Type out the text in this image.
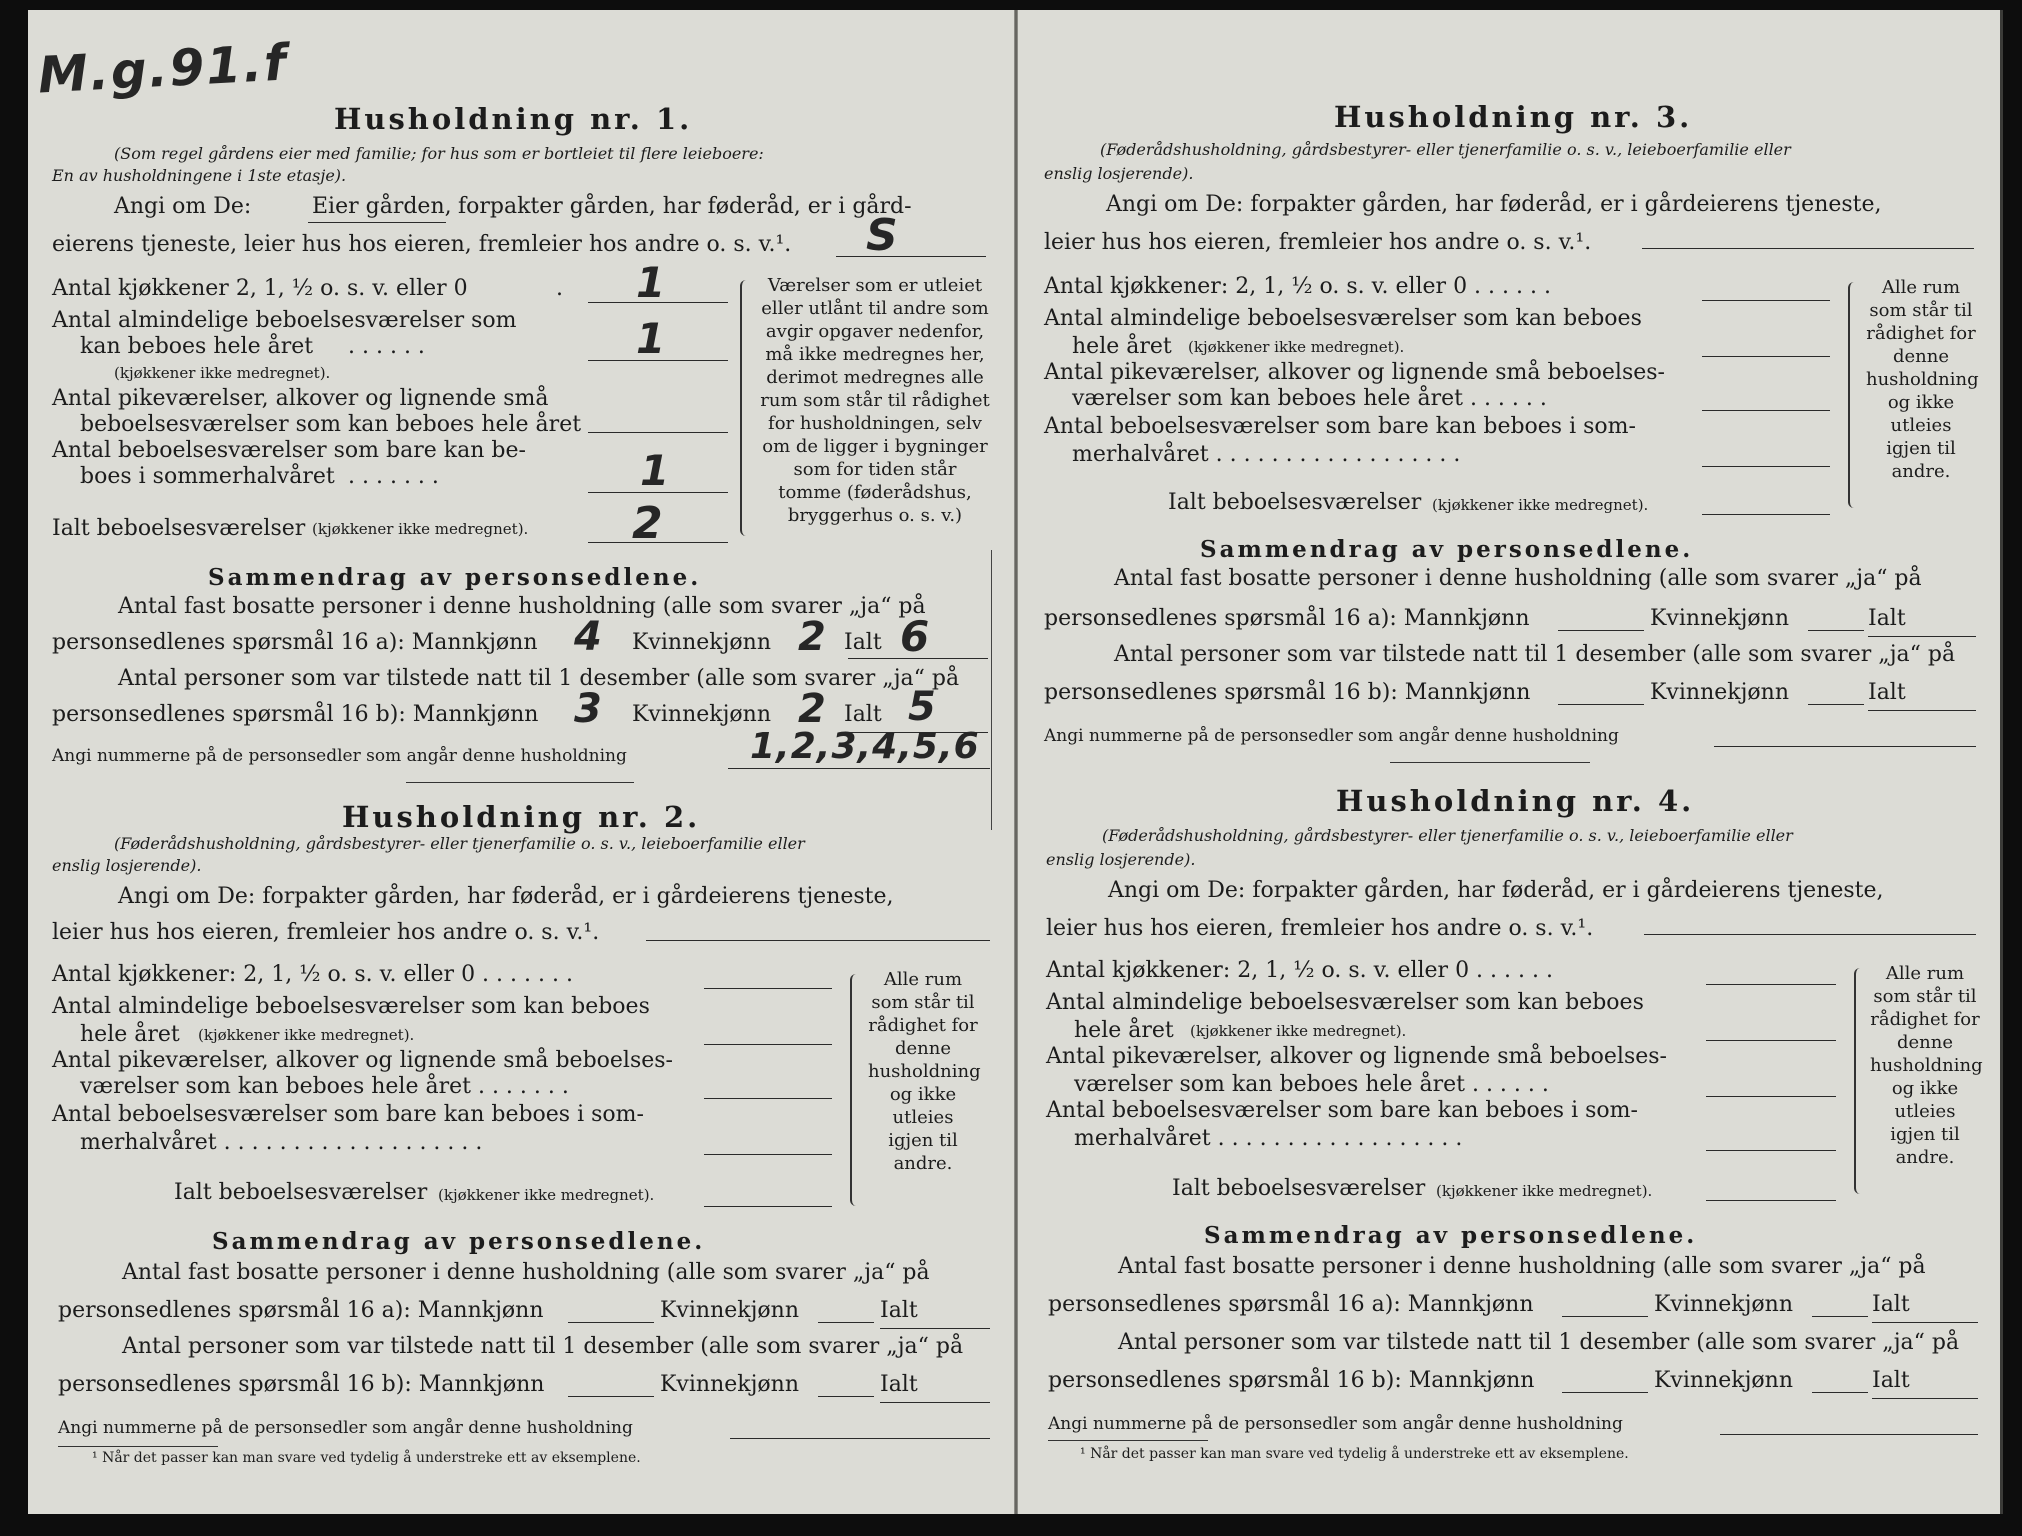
M.g.91.f
Husholdning nr. 1.
(Som regel gårdens eier med familie; for hus som er bortleiet til flere leieboere:
En av husholdningene i 1ste etasje).
Angi om De:	Eier gården, forpakter gården, har føderåd, er i gård-
eierens tjeneste, leier hus hos eieren, fremleier hos andre o. s. v.¹. S
Antal kjøkkener 2, 1, ½ o. s. v. eller 0	. 1
Antal almindelige beboelsesværelser som
kan beboes hele året . . . . . .	1
(kjøkkener ikke medregnet).
Antal pikeværelser, alkover og lignende små
beboelsesværelser som kan beboes hele året
Antal beboelsesværelser som bare kan be-
boes i sommerhalvåret . . . . . . .	1
Ialt beboelsesværelser (kjøkkener ikke medregnet). 2
Værelser som er utleiet eller utlånt til andre som avgir opgaver nedenfor, må ikke medregnes her, derimot medregnes alle rum som står til rådighet for husholdningen, selv om de ligger i bygninger som for tiden står tomme (føderådshus, bryggerhus o. s. v.)
Sammendrag av personsedlene.
Antal fast bosatte personer i denne husholdning (alle som svarer „ja“ på
personsedlenes spørsmål 16 a): Mannkjønn 4 Kvinnekjønn 2 Ialt 6
Antal personer som var tilstede natt til 1 desember (alle som svarer „ja“ på
personsedlenes spørsmål 16 b): Mannkjønn 3 Kvinnekjønn 2 Ialt 5
Angi nummerne på de personsedler som angår denne husholdning	1,2,3,4,5,6
Husholdning nr. 2.
(Føderådshusholdning, gårdsbestyrer- eller tjenerfamilie o. s. v., leieboerfamilie eller
enslig losjerende).
Angi om De: forpakter gården, har føderåd, er i gårdeierens tjeneste,
leier hus hos eieren, fremleier hos andre o. s. v.¹.
Antal kjøkkener: 2, 1, ½ o. s. v. eller 0 . . . . . . .
Antal almindelige beboelsesværelser som kan beboes
hele året (kjøkkener ikke medregnet).
Antal pikeværelser, alkover og lignende små beboelses-
værelser som kan beboes hele året . . . . . . .
Antal beboelsesværelser som bare kan beboes i som-
merhalvåret . . . . . . . . . . . . . . . . . . .
Ialt beboelsesværelser (kjøkkener ikke medregnet).
Alle rum som står til rådighet for denne husholdning og ikke utleies igjen til andre.
Sammendrag av personsedlene.
Antal fast bosatte personer i denne husholdning (alle som svarer „ja“ på
personsedlenes spørsmål 16 a): Mannkjønn	Kvinnekjønn	Ialt
Antal personer som var tilstede natt til 1 desember (alle som svarer „ja“ på
personsedlenes spørsmål 16 b): Mannkjønn	Kvinnekjønn	Ialt
Angi nummerne på de personsedler som angår denne husholdning
¹ Når det passer kan man svare ved tydelig å understreke ett av eksemplene.
Husholdning nr. 3.
(Føderådshusholdning, gårdsbestyrer- eller tjenerfamilie o. s. v., leieboerfamilie eller
enslig losjerende).
Angi om De: forpakter gården, har føderåd, er i gårdeierens tjeneste,
leier hus hos eieren, fremleier hos andre o. s. v.¹.
Antal kjøkkener: 2, 1, ½ o. s. v. eller 0 . . . . . .
Antal almindelige beboelsesværelser som kan beboes
hele året (kjøkkener ikke medregnet).
Antal pikeværelser, alkover og lignende små beboelses-
værelser som kan beboes hele året . . . . . .
Antal beboelsesværelser som bare kan beboes i som-
merhalvåret . . . . . . . . . . . . . . . . . .
Ialt beboelsesværelser (kjøkkener ikke medregnet).
Alle rum som står til rådighet for denne husholdning og ikke utleies igjen til andre.
Sammendrag av personsedlene.
Antal fast bosatte personer i denne husholdning (alle som svarer „ja“ på
personsedlenes spørsmål 16 a): Mannkjønn	Kvinnekjønn	Ialt
Antal personer som var tilstede natt til 1 desember (alle som svarer „ja“ på
personsedlenes spørsmål 16 b): Mannkjønn	Kvinnekjønn	Ialt
Angi nummerne på de personsedler som angår denne husholdning
Husholdning nr. 4.
(Føderådshusholdning, gårdsbestyrer- eller tjenerfamilie o. s. v., leieboerfamilie eller
enslig losjerende).
Angi om De: forpakter gården, har føderåd, er i gårdeierens tjeneste,
leier hus hos eieren, fremleier hos andre o. s. v.¹.
Antal kjøkkener: 2, 1, ½ o. s. v. eller 0 . . . . . .
Antal almindelige beboelsesværelser som kan beboes
hele året (kjøkkener ikke medregnet).
Antal pikeværelser, alkover og lignende små beboelses-
værelser som kan beboes hele året . . . . . .
Antal beboelsesværelser som bare kan beboes i som-
merhalvåret . . . . . . . . . . . . . . . . . .
Ialt beboelsesværelser (kjøkkener ikke medregnet).
Alle rum som står til rådighet for denne husholdning og ikke utleies igjen til andre.
Sammendrag av personsedlene.
Antal fast bosatte personer i denne husholdning (alle som svarer „ja“ på
personsedlenes spørsmål 16 a): Mannkjønn	Kvinnekjønn	Ialt
Antal personer som var tilstede natt til 1 desember (alle som svarer „ja“ på
personsedlenes spørsmål 16 b): Mannkjønn	Kvinnekjønn	Ialt
Angi nummerne på de personsedler som angår denne husholdning
¹ Når det passer kan man svare ved tydelig å understreke ett av eksemplene.
